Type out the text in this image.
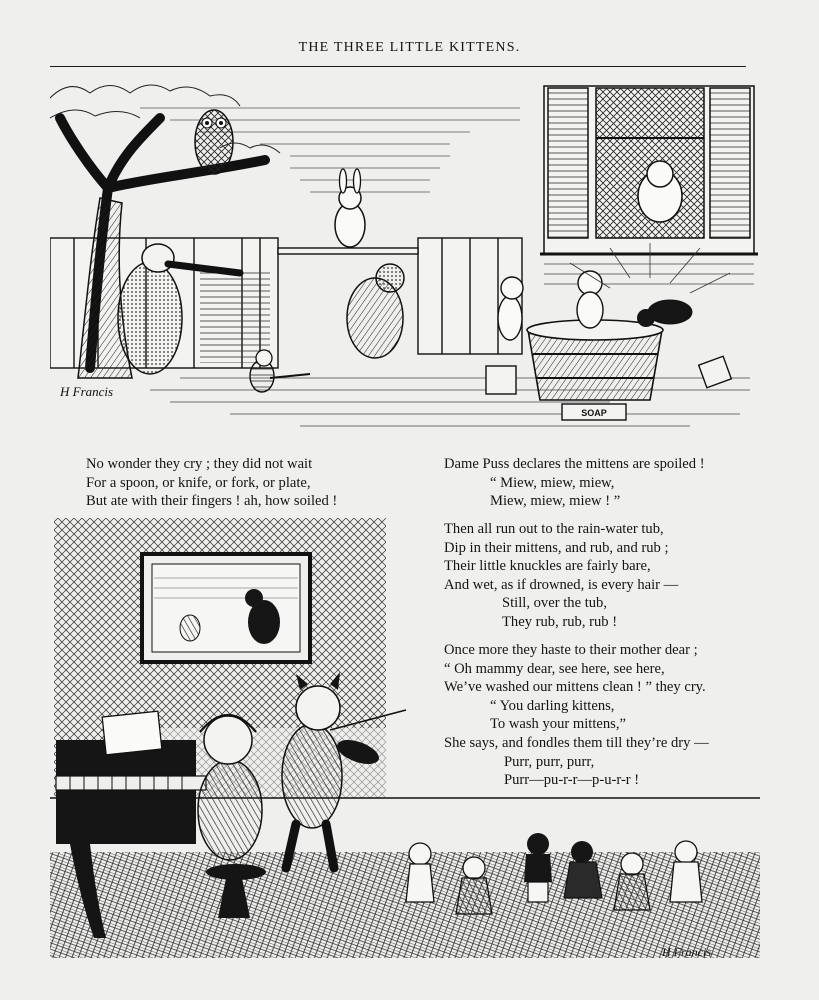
THE THREE LITTLE KITTENS.
SOAP
H Francis
No wonder they cry ; they did not wait
For a spoon, or knife, or fork, or plate,
But ate with their fingers ! ah, how soiled !
Dame Puss declares the mittens are spoiled !
“ Miew, miew, miew,
Miew, miew, miew ! ”
Then all run out to the rain-water tub,
Dip in their mittens, and rub, and rub ;
Their little knuckles are fairly bare,
And wet, as if drowned, is every hair —
Still, over the tub,
They rub, rub, rub !
Once more they haste to their mother dear ;
“ Oh mammy dear, see here, see here,
We’ve washed our mittens clean ! ” they cry.
“ You darling kittens,
To wash your mittens,”
She says, and fondles them till they’re dry —
Purr, purr, purr,
Purr—pu-r-r—p-u-r-r !
H Francis
